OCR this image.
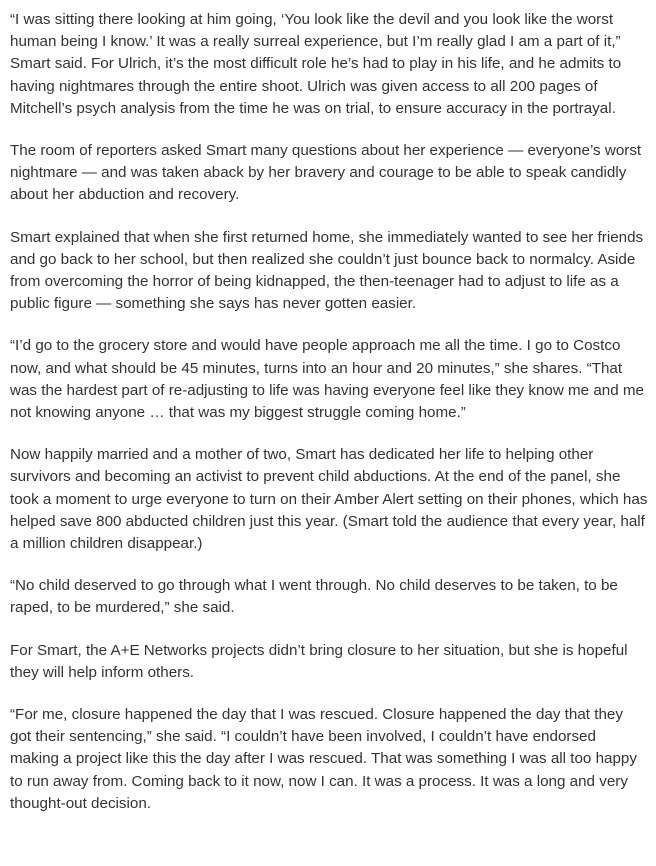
“I was sitting there looking at him going, ‘You look like the devil and you look like the worst human being I know.’ It was a really surreal experience, but I’m really glad I am a part of it,” Smart said. For Ulrich, it’s the most difficult role he’s had to play in his life, and he admits to having nightmares through the entire shoot. Ulrich was given access to all 200 pages of Mitchell’s psych analysis from the time he was on trial, to ensure accuracy in the portrayal.

The room of reporters asked Smart many questions about her experience — everyone’s worst nightmare — and was taken aback by her bravery and courage to be able to speak candidly about her abduction and recovery.

Smart explained that when she first returned home, she immediately wanted to see her friends and go back to her school, but then realized she couldn’t just bounce back to normalcy. Aside from overcoming the horror of being kidnapped, the then-teenager had to adjust to life as a public figure — something she says has never gotten easier.

“I’d go to the grocery store and would have people approach me all the time. I go to Costco now, and what should be 45 minutes, turns into an hour and 20 minutes,” she shares. “That was the hardest part of re-adjusting to life was having everyone feel like they know me and me not knowing anyone … that was my biggest struggle coming home.”

Now happily married and a mother of two, Smart has dedicated her life to helping other survivors and becoming an activist to prevent child abductions. At the end of the panel, she took a moment to urge everyone to turn on their Amber Alert setting on their phones, which has helped save 800 abducted children just this year. (Smart told the audience that every year, half a million children disappear.)

“No child deserved to go through what I went through. No child deserves to be taken, to be raped, to be murdered,” she said.

For Smart, the A+E Networks projects didn’t bring closure to her situation, but she is hopeful they will help inform others.

“For me, closure happened the day that I was rescued. Closure happened the day that they got their sentencing,” she said. “I couldn’t have been involved, I couldn’t have endorsed making a project like this the day after I was rescued. That was something I was all too happy to run away from. Coming back to it now, now I can. It was a process. It was a long and very thought-out decision.
